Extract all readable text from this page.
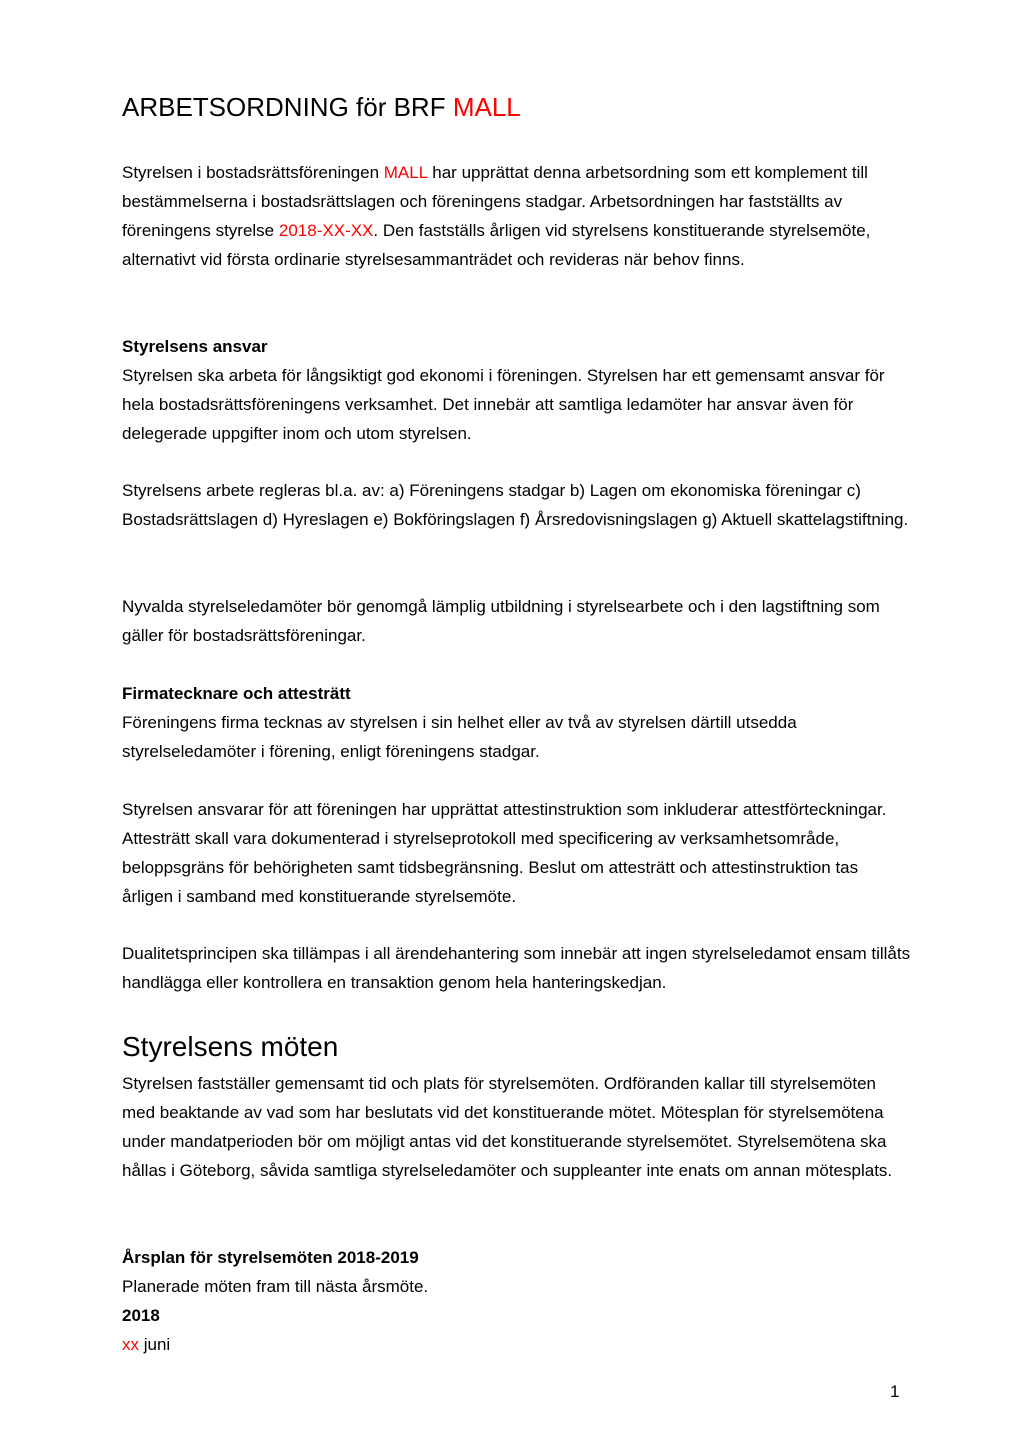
ARBETSORDNING för BRF MALL

Styrelsen i bostadsrättsföreningen MALL har upprättat denna arbetsordning som ett komplement till bestämmelserna i bostadsrättslagen och föreningens stadgar. Arbetsordningen har fastställts av föreningens styrelse 2018-XX-XX. Den fastställs årligen vid styrelsens konstituerande styrelsemöte, alternativt vid första ordinarie styrelsesammanträdet och revideras när behov finns.

Styrelsens ansvar
Styrelsen ska arbeta för långsiktigt god ekonomi i föreningen. Styrelsen har ett gemensamt ansvar för hela bostadsrättsföreningens verksamhet. Det innebär att samtliga ledamöter har ansvar även för delegerade uppgifter inom och utom styrelsen.

Styrelsens arbete regleras bl.a. av: a) Föreningens stadgar b) Lagen om ekonomiska föreningar c) Bostadsrättslagen d) Hyreslagen e) Bokföringslagen f) Årsredovisningslagen g) Aktuell skattelagstiftning.

Nyvalda styrelseledamöter bör genomgå lämplig utbildning i styrelsearbete och i den lagstiftning som gäller för bostadsrättsföreningar.

Firmatecknare och attesträtt
Föreningens firma tecknas av styrelsen i sin helhet eller av två av styrelsen därtill utsedda styrelseledamöter i förening, enligt föreningens stadgar.

Styrelsen ansvarar för att föreningen har upprättat attestinstruktion som inkluderar attestförteckningar. Attesträtt skall vara dokumenterad i styrelseprotokoll med specificering av verksamhetsområde, beloppsgräns för behörigheten samt tidsbegränsning. Beslut om attesträtt och attestinstruktion tas årligen i samband med konstituerande styrelsemöte.

Dualitetsprincipen ska tillämpas i all ärendehantering som innebär att ingen styrelseledamot ensam tillåts handlägga eller kontrollera en transaktion genom hela hanteringskedjan.

Styrelsens möten

Styrelsen fastställer gemensamt tid och plats för styrelsemöten. Ordföranden kallar till styrelsemöten med beaktande av vad som har beslutats vid det konstituerande mötet. Mötesplan för styrelsemötena under mandatperioden bör om möjligt antas vid det konstituerande styrelsemötet. Styrelsemötena ska hållas i Göteborg, såvida samtliga styrelseledamöter och suppleanter inte enats om annan mötesplats.

Årsplan för styrelsemöten 2018-2019
Planerade möten fram till nästa årsmöte.
2018
xx juni
1
